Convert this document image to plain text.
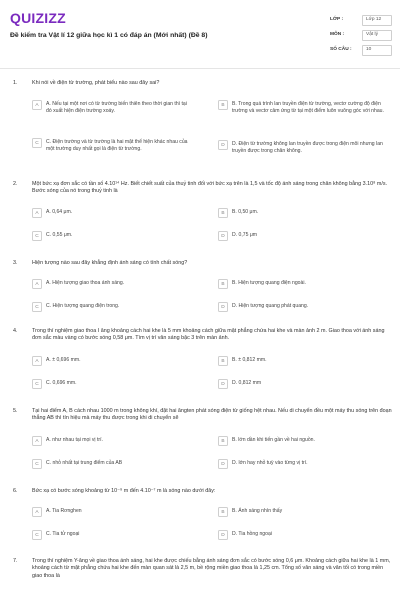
QUIZIZZ
Đề kiểm tra Vật lí 12 giữa học kì 1 có đáp án (Mới nhất) (Đề 8)
LỚP :	Lớp 12
MÔN :	Vật lý
SỐ CÂU :	10
1.	Khi nói về điện từ trường, phát biểu nào sau đây sai?
A	A. Nếu tại một nơi có từ trường biến thiên theo thời gian thì tại đó xuất hiện điện trường xoáy.
B	B. Trong quá trình lan truyền điện từ trường, vectơ cường độ điện trường và vectơ cảm ứng từ tại một điểm luôn vuông góc với nhau.
C	C. Điện trường và từ trường là hai mặt thể hiện khác nhau của một trường duy nhất gọi là điện từ trường.
D	D. Điện từ trường không lan truyền được trong điện môi nhưng lan truyền được trong chân không.
2.	Một bức xạ đơn sắc có tần số 4.10¹⁴ Hz. Biết chiết suất của thuỷ tinh đối với bức xạ trên là 1,5 và tốc độ ánh sáng trong chân không bằng 3.10⁸ m/s. Bước sóng của nó trong thuỷ tinh là
A	A. 0,64 μm.	B	B. 0,50 μm.
C	C. 0,55 μm.	D	D. 0,75 μm
3.	Hiện tượng nào sau đây khẳng định ánh sáng có tính chất sóng?
A	A. Hiện tượng giao thoa ánh sáng.	B	B. Hiện tượng quang điện ngoài.
C	C. Hiện tượng quang điện trong.	D	D. Hiện tượng quang phát quang.
4.	Trong thí nghiệm giao thoa I âng khoảng cách hai khe là 5 mm khoảng cách giữa mặt phẳng chứa hai khe và màn ảnh 2 m. Giao thoa với ánh sáng đơn sắc màu vàng có bước sóng 0,58 μm. Tìm vị trí vân sáng bậc 3 trên màn ảnh.
A	A. ± 0,696 mm.	B	B. ± 0,812 mm.
C	C. 0,696 mm.	D	D. 0,812 mm
5.	Tại hai điểm A, B cách nhau 1000 m trong không khí, đặt hai ăngten phát sóng điện từ giống hệt nhau. Nếu di chuyển đều một máy thu sóng trên đoạn thẳng AB thì tín hiệu mà máy thu được trong khi di chuyển sẽ
A	A. như nhau tại mọi vị trí.	B	B. lớn dần khi tiến gần về hai nguồn.
C	C. nhỏ nhất tại trung điểm của AB	D	D. lớn hay nhỏ tuỳ vào từng vị trí.
6.	Bức xạ có bước sóng khoảng từ 10⁻⁹ m đến 4.10⁻⁷ m là sóng nào dưới đây:
A	A. Tia Rơnghen	B	B. Ánh sáng nhìn thấy
C	C. Tia tử ngoại	D	D. Tia hồng ngoại
7.	Trong thí nghiệm Y-âng về giao thoa ánh sáng, hai khe được chiếu bằng ánh sáng đơn sắc có bước sóng 0,6 μm. Khoảng cách giữa hai khe là 1 mm, khoảng cách từ mặt phẳng chứa hai khe đến màn quan sát là 2,5 m, bề rộng miền giao thoa là 1,25 cm. Tổng số vân sáng và vân tối có trong miền giao thoa là
